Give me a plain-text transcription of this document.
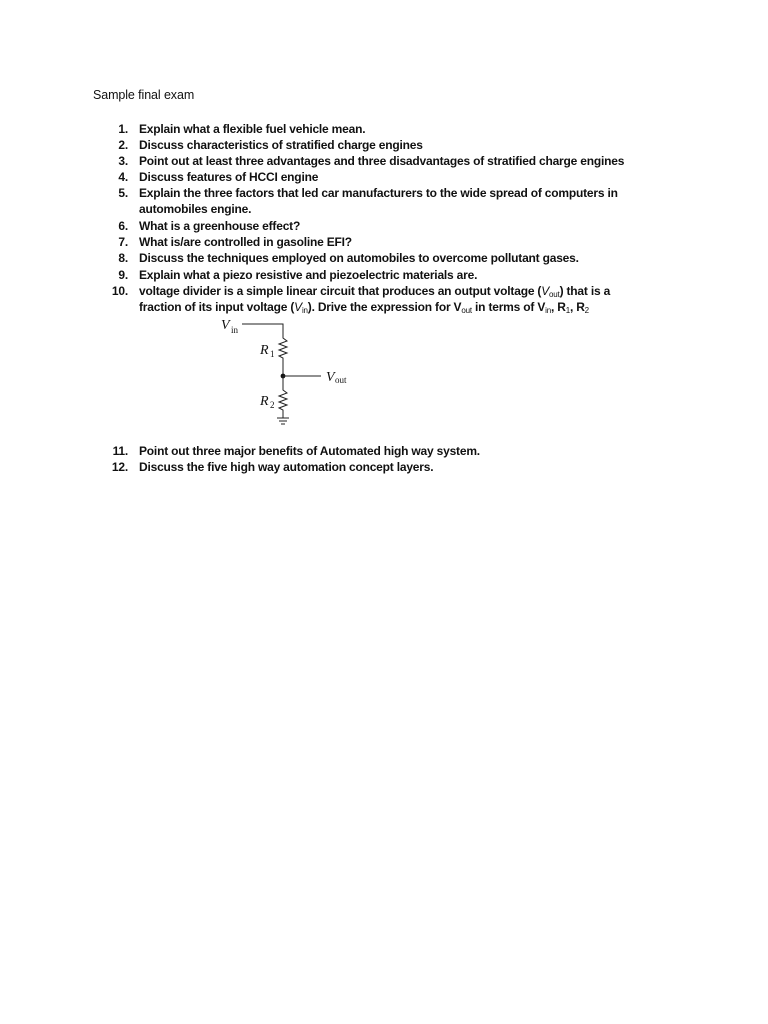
Sample final exam
1. Explain what a flexible fuel vehicle mean.
2. Discuss characteristics of stratified charge engines
3. Point out at least three advantages and three disadvantages of stratified charge engines
4. Discuss features of HCCI engine
5. Explain the three factors that led car manufacturers to the wide spread of computers in
automobiles engine.
6. What is a greenhouse effect?
7. What is/are controlled in gasoline EFI?
8. Discuss the techniques employed on automobiles to overcome pollutant gases.
9. Explain what a piezo resistive and piezoelectric materials are.
10. voltage divider is a simple linear circuit that produces an output voltage $(V_{out})$ that is a
fraction of its input voltage $(V_{in})$. Drive the expression for $V_{out}$ in terms of $V_{in}$, $R_1$, $R_2$
11. Point out three major benefits of Automated high way system.
12. Discuss the five high way automation concept layers.
V in
R 1
V out
R 2
